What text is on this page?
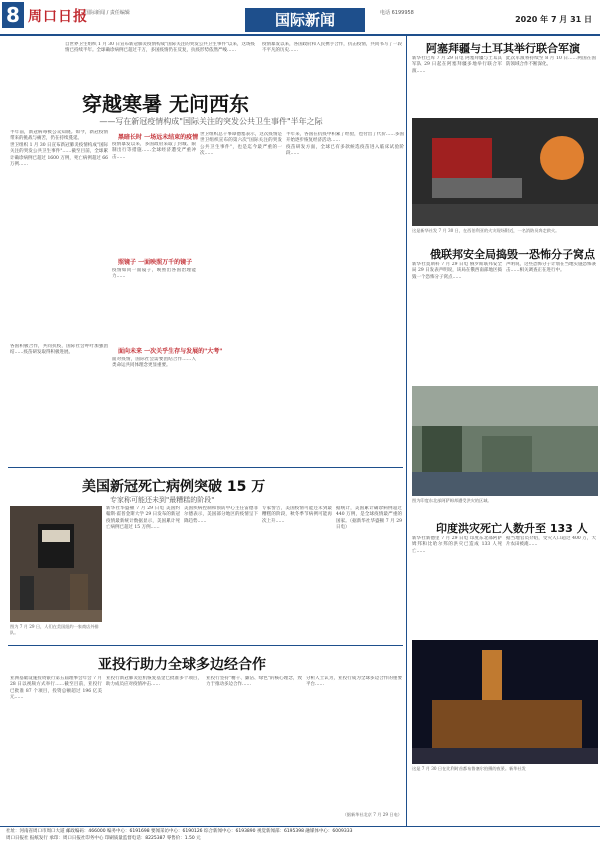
8 周口日报
国际新闻 / 责任编辑	国际新闻	电话 6199958
2020 年 7 月 31 日

自世界卫生组织 1 月 30 日宣布新冠肺炎疫情构成"国际关注的突发公共卫生事件"以来，这场疫情已持续半年。全球确诊病例已超过千万，多国疫情仍在反复，抗疫形势依然严峻……

疫情暴发以来，各国政府和人民携手合作，抗击疫情，共同书写了一段不平凡的历史……

穿越寒暑 无问西东
——写在新冠疫情构成"国际关注的突发公共卫生事件"半年之际

半年前，新冠病毒被公众知晓。如今，新冠疫情带来的挑战与痛苦，仍在持续蔓延。

世卫组织 1 月 30 日宣布新冠肺炎疫情构成"国际关注的突发公共卫生事件"……截至目前，全球累计确诊病例已超过 1600 万例，死亡病例超过 66 万例……

各国积极合作，共同抗疫，国际社会呼吁加强团结……疫苗研发取得积极进展。

黑暗长时 一场远未结束的疫情

疫情暴发以来，多国政府采取了封城、限制出行等措施……全球经济遭受严重冲击……

照镜子 一面映照万千的镜子

疫情如同一面镜子，映照出各国治理能力……

面向未来 一次关乎生存与发展的"大考"

面对疫情，国际社会需要团结合作……人类命运共同体理念更显重要。

世卫组织总干事谭德塞表示，这次疫情是世卫组织宣布的第六次"国际关注的突发公共卫生事件"，也是迄今最严重的一次……

半年来，各国在抗疫中积累了经验，也付出了代价……多国开始逐步恢复经济活动……

疫苗研发方面，全球已有多款候选疫苗进入临床试验阶段……

美国新冠死亡病例突破 15 万
专家称可能还未到"最糟糕的阶段"
图为 7 月 29 日，人们在美国纽约一家商店外排队。

新华社华盛顿 7 月 29 日电 美国约翰斯·霍普金斯大学 29 日发布的新冠疫情最新统计数据显示，美国累计死亡病例已超过 15 万例……

美国疾病控制和预防中心主任雷德菲尔德表示，美国部分地区的疫情呈下降趋势……

专家警告，美国疫情可能还未到最糟糕的阶段，秋冬季节病例可能再次上升……

据统计，美国累计确诊病例超过 440 万例，是全球疫情最严重的国家。（据新华社华盛顿 7 月 29 日电）

亚投行助力全球多边经合作

亚洲基础设施投资银行第五届理事会年会 7 月 28 日以视频方式举行……截至目前，亚投行已批准 87 个项目，投资总额超过 196 亿美元……

亚投行新冠肺炎危机恢复基金已批准多个项目，助力成员应对疫情冲击……

亚投行坚持"精干、廉洁、绿色"的核心理念，致力于推动多边合作……

分析人士认为，亚投行成为全球多边合作的重要平台……

（据新华社北京 7 月 29 日电）
阿塞拜疆与土耳其举行联合军演

新华社巴库 7 月 29 日电 阿塞拜疆与土耳其军队 29 日起在阿塞拜疆多地举行联合军演……

此次军演将持续至 8 月 10 日……两国在国防领域合作不断深化。

这是新华社发 7 月 30 日，在西伯利亚的火灾现场附近，一名消防员奔走救火。
俄联邦安全局捣毁一恐怖分子窝点

新华社莫斯科 7 月 29 日电 俄罗斯联邦安全局 29 日发表声明说，该局在俄西南部地区捣毁一个恐怖分子窝点……

声明说，这些恐怖分子计划在当地实施恐怖袭击……相关调查正在进行中。

图为印度东北部阿萨姆邦遭受洪灾的区域。
印度洪灾死亡人数升至 133 人

新华社新德里 7 月 29 日电 印度东北部阿萨姆邦和比哈尔邦的洪灾已造成 133 人死亡……

据当地官员介绍，受灾人口超过 400 万，大片农田被淹……

这是 7 月 30 日在比利时首都布鲁塞尔拍摄的夜景。新华社发
社址：河南省周口市周口大道 邮政编码：466000 编务中心：6191698 要闻采访中心：6190126 综合新闻中心：6193890 视觉新闻部：6195398 融媒体中心：6009333
周口日报社 报纸发行 承印：周口日报社印务中心 印刷质量监督电话：8225387 零售价：1.50 元
